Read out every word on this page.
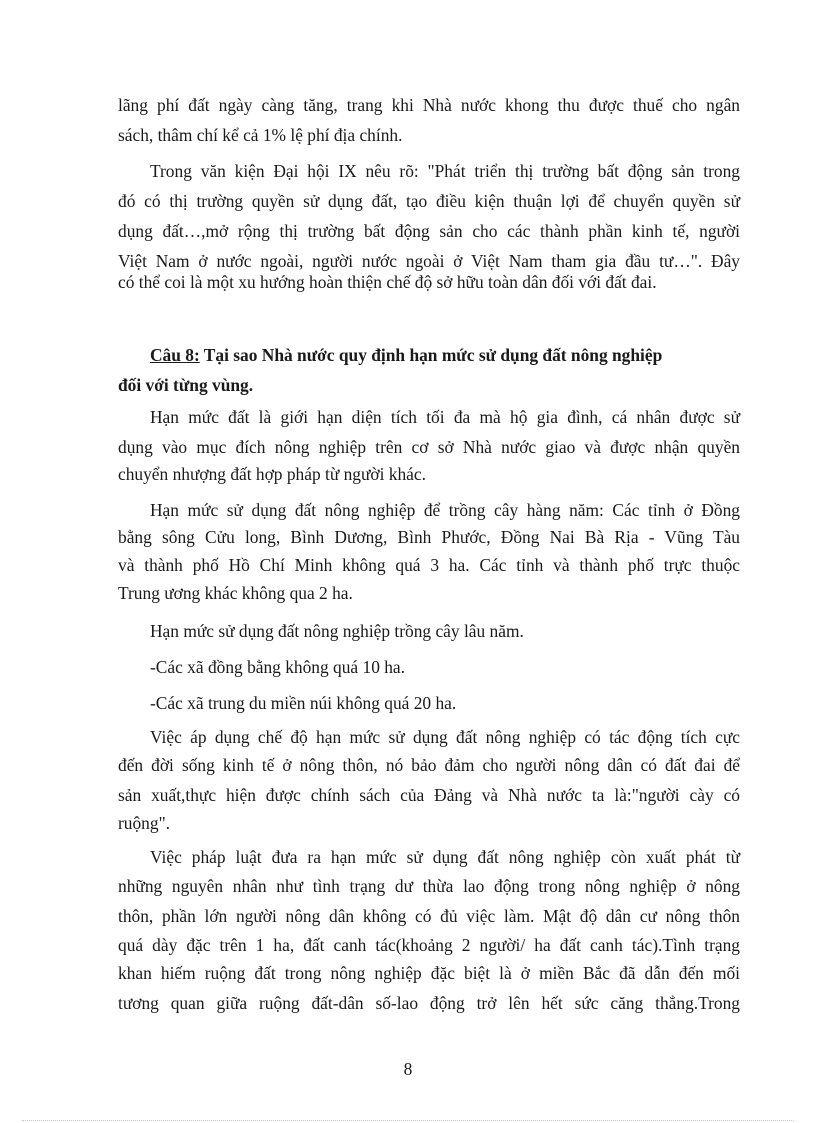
lãng phí đất ngày càng tăng, trang khi Nhà nước khong thu được thuế cho ngân
sách, thâm chí kể cả 1% lệ phí địa chính.
Trong văn kiện Đại hội IX nêu rõ: "Phát triển thị trường bất động sản trong
đó có thị trường quyền sử dụng đất, tạo điều kiện thuận lợi để chuyển quyền sử
dụng đất…,mở rộng thị trường bất động sản cho các thành phần kinh tế, người
Việt Nam ở nước ngoài, người nước ngoài ở Việt Nam tham gia đầu tư…". Đây
có thể coi là một xu hướng hoàn thiện chế độ sở hữu toàn dân đối với đất đai.
Câu 8: Tại sao Nhà nước quy định hạn mức sử dụng đất nông nghiệp
đối với từng vùng.
Hạn mức đất là giới hạn diện tích tối đa mà hộ gia đình, cá nhân được sử
dụng vào mục đích nông nghiệp trên cơ sở Nhà nước giao và được nhận quyền
chuyển nhượng đất hợp pháp từ người khác.
Hạn mức sử dụng đất nông nghiệp để trồng cây hàng năm: Các tỉnh ở Đồng
bằng sông Cửu long, Bình Dương, Bình Phước, Đồng Nai Bà Rịa - Vũng Tàu
và thành phố Hồ Chí Minh không quá 3 ha. Các tỉnh và thành phố trực thuộc
Trung ương khác không qua 2 ha.
Hạn mức sử dụng đất nông nghiệp trồng cây lâu năm.
-Các xã đồng bằng không quá 10 ha.
-Các xã trung du miền núi không quá 20 ha.
Việc áp dụng chế độ hạn mức sử dụng đất nông nghiệp có tác động tích cực
đến đời sống kinh tế ở nông thôn, nó bảo đảm cho người nông dân có đất đai để
sản xuất,thực hiện được chính sách của Đảng và Nhà nước ta là:"người cày có
ruộng".
Việc pháp luật đưa ra hạn mức sử dụng đất nông nghiệp còn xuất phát từ
những nguyên nhân như tình trạng dư thừa lao động trong nông nghiệp ở nông
thôn, phần lớn người nông dân không có đủ việc làm. Mật độ dân cư nông thôn
quá dày đặc trên 1 ha, đất canh tác(khoảng 2 người/ ha đất canh tác).Tình trạng
khan hiếm ruộng đất trong nông nghiệp đặc biệt là ở miền Bắc đã dẫn đến mối
tương quan giữa ruộng đất-dân số-lao động trở lên hết sức căng thẳng.Trong
8
